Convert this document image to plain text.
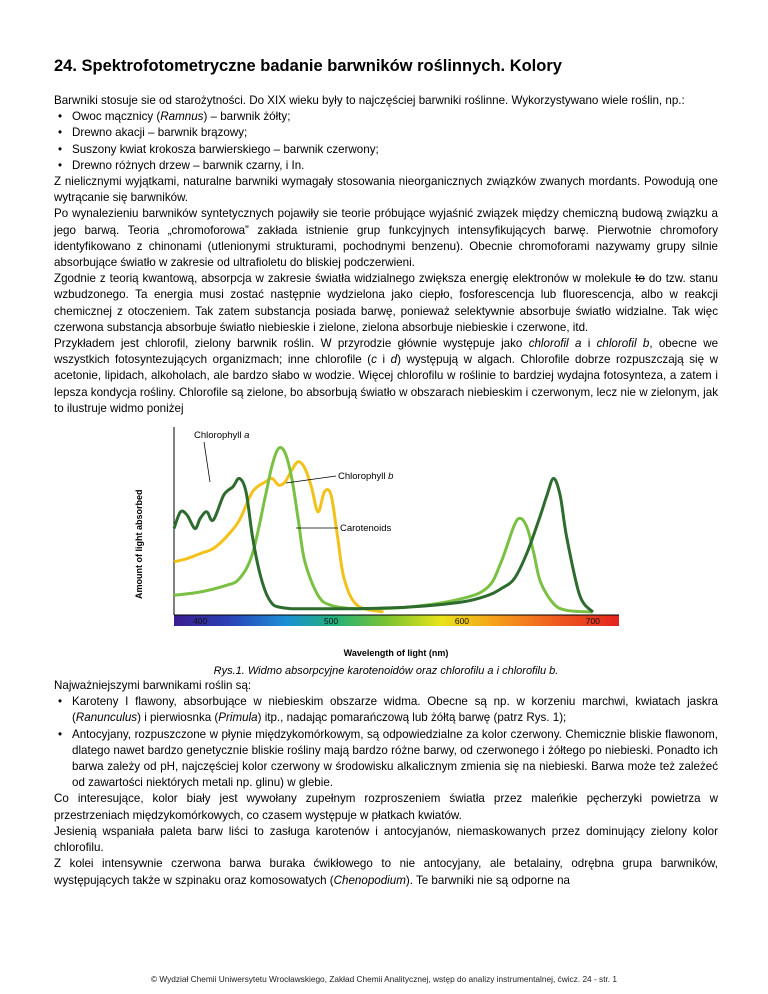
24. Spektrofotometryczne badanie barwników roślinnych. Kolory

Barwniki stosuje sie od starożytności. Do XIX wieku były to najczęściej barwniki roślinne. Wykorzystywano wiele roślin, np.:

• Owoc mącznicy (Ramnus) – barwnik żółty;
• Drewno akacji – barwnik brązowy;
• Suszony kwiat krokosza barwierskiego – barwnik czerwony;
• Drewno różnych drzew – barwnik czarny, i In.

Z nielicznymi wyjątkami, naturalne barwniki wymagały stosowania nieorganicznych związków zwanych mordants. Powodują one wytrącanie się barwników.

Po wynalezieniu barwników syntetycznych pojawiły sie teorie próbujące wyjaśnić związek między chemiczną budową związku a jego barwą. Teoria „chromoforowa” zakłada istnienie grup funkcyjnych intensyfikujących barwę. Pierwotnie chromofory identyfikowano z chinonami (utlenionymi strukturami, pochodnymi benzenu). Obecnie chromoforami nazywamy grupy silnie absorbujące światło w zakresie od ultrafioletu do bliskiej podczerwieni.

Zgodnie z teorią kwantową, absorpcja w zakresie światła widzialnego zwiększa energię elektronów w molekule to do tzw. stanu wzbudzonego. Ta energia musi zostać następnie wydzielona jako ciepło, fosforescencja lub fluorescencja, albo w reakcji chemicznej z otoczeniem. Tak zatem substancja posiada barwę, ponieważ selektywnie absorbuje światło widzialne. Tak więc czerwona substancja absorbuje światło niebieskie i zielone, zielona absorbuje niebieskie i czerwone, itd.

Przykładem jest chlorofil, zielony barwnik roślin. W przyrodzie głównie występuje jako chlorofil a i chlorofil b, obecne we wszystkich fotosyntezujących organizmach; inne chlorofile (c i d) występują w algach. Chlorofile dobrze rozpuszczają się w acetonie, lipidach, alkoholach, ale bardzo słabo w wodzie. Więcej chlorofilu w roślinie to bardziej wydajna fotosynteza, a zatem i lepsza kondycja rośliny. Chlorofile są zielone, bo absorbują światło w obszarach niebieskim i czerwonym, lecz nie w zielonym, jak to ilustruje widmo poniżej

Amount of light absorbed
Wavelength of light (nm)
400	500	600	700
Chlorophyll a
Chlorophyll b
Carotenoids

Rys.1. Widmo absorpcyjne karotenoidów oraz chlorofilu a i chlorofilu b.

Najważniejszymi barwnikami roślin są:

• Karoteny I flawony, absorbujące w niebieskim obszarze widma. Obecne są np. w korzeniu marchwi, kwiatach jaskra (Ranunculus) i pierwiosnka (Primula) itp., nadając pomarańczową lub żółtą barwę (patrz Rys. 1);
• Antocyjany, rozpuszczone w płynie międzykomórkowym, są odpowiedzialne za kolor czerwony. Chemicznie bliskie flawonom, dlatego nawet bardzo genetycznie bliskie rośliny mają bardzo różne barwy, od czerwonego i żółtego po niebieski. Ponadto ich barwa zależy od pH, najczęściej kolor czerwony w środowisku alkalicznym zmienia się na niebieski. Barwa może też zależeć od zawartości niektórych metali np. glinu) w glebie.

Co interesujące, kolor biały jest wywołany zupełnym rozproszeniem światła przez maleńkie pęcherzyki powietrza w przestrzeniach międzykomórkowych, co czasem występuje w płatkach kwiatów.

Jesienią wspaniała paleta barw liści to zasługa karotenów i antocyjanów, niemaskowanych przez dominujący zielony kolor chlorofilu.

Z kolei intensywnie czerwona barwa buraka ćwikłowego to nie antocyjany, ale betalainy, odrębna grupa barwników, występujących także w szpinaku oraz komosowatych (Chenopodium). Te barwniki nie są odporne na

© Wydział Chemii Uniwersytetu Wrocławskiego, Zakład Chemii Analitycznej, wstęp do analizy instrumentalnej, ćwicz. 24 - str. 1
